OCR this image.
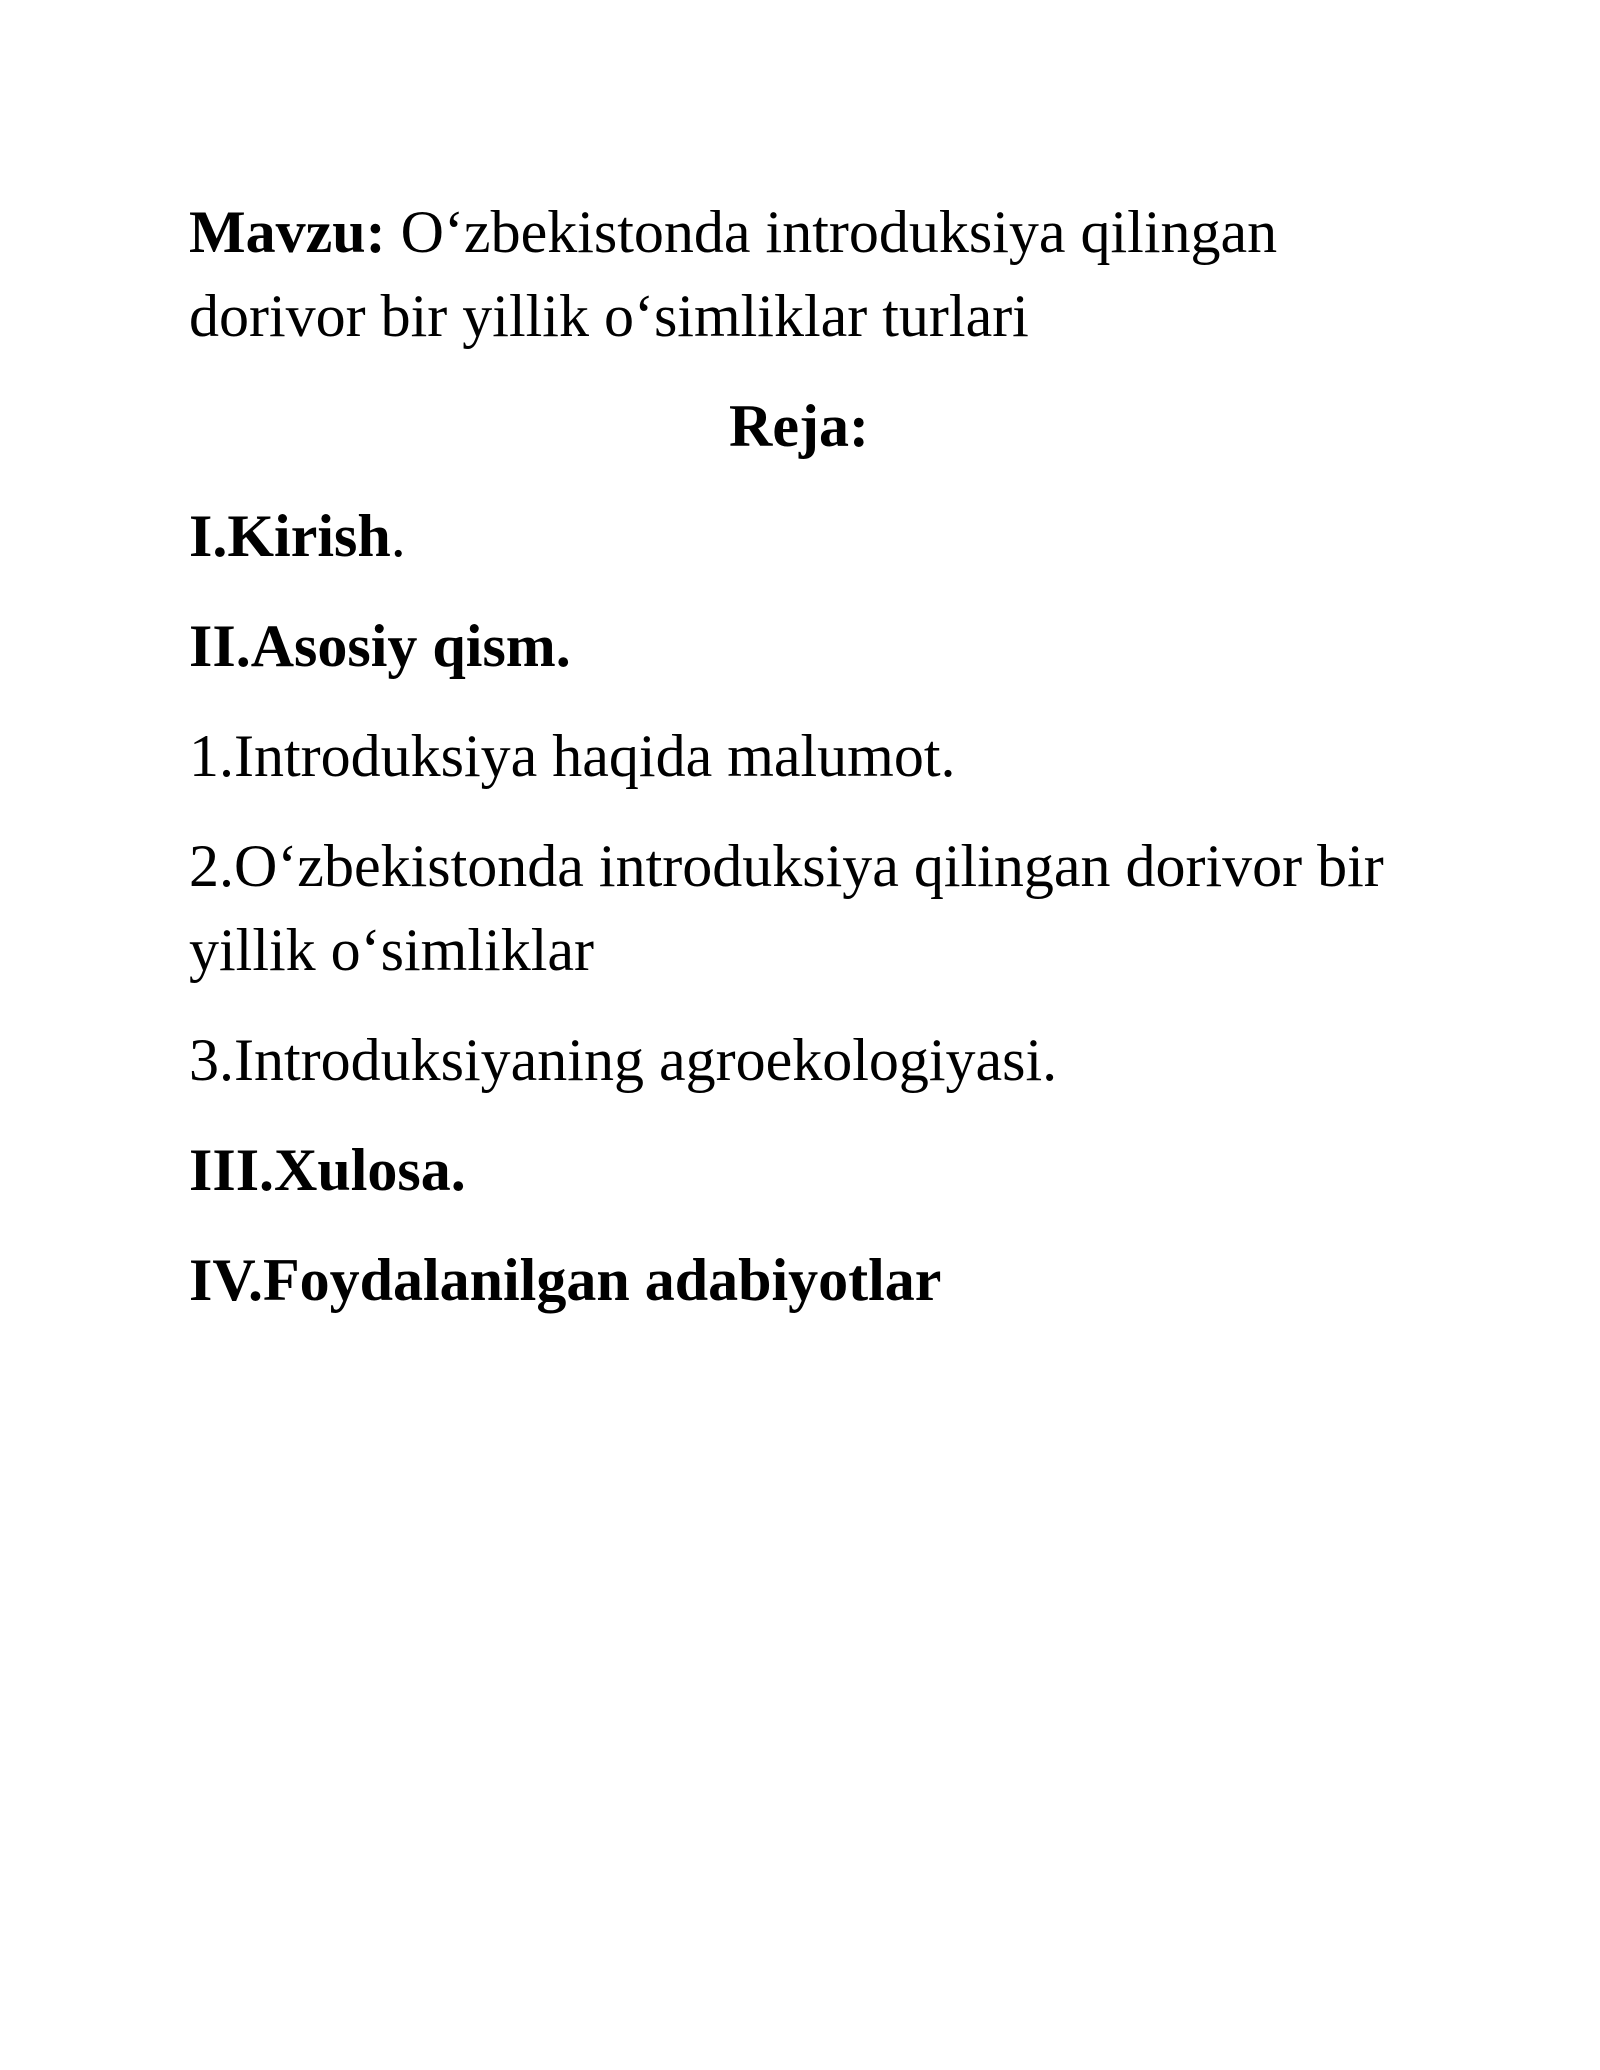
Mavzu: O‘zbekistonda introduksiya qilingan dorivor bir yillik o‘simliklar turlari

Reja:

I.Kirish.

II.Asosiy qism.

1.Introduksiya haqida malumot.

2.O‘zbekistonda introduksiya qilingan dorivor bir yillik o‘simliklar

3.Introduksiyaning agroekologiyasi.

III.Xulosa.

IV.Foydalanilgan adabiyotlar
